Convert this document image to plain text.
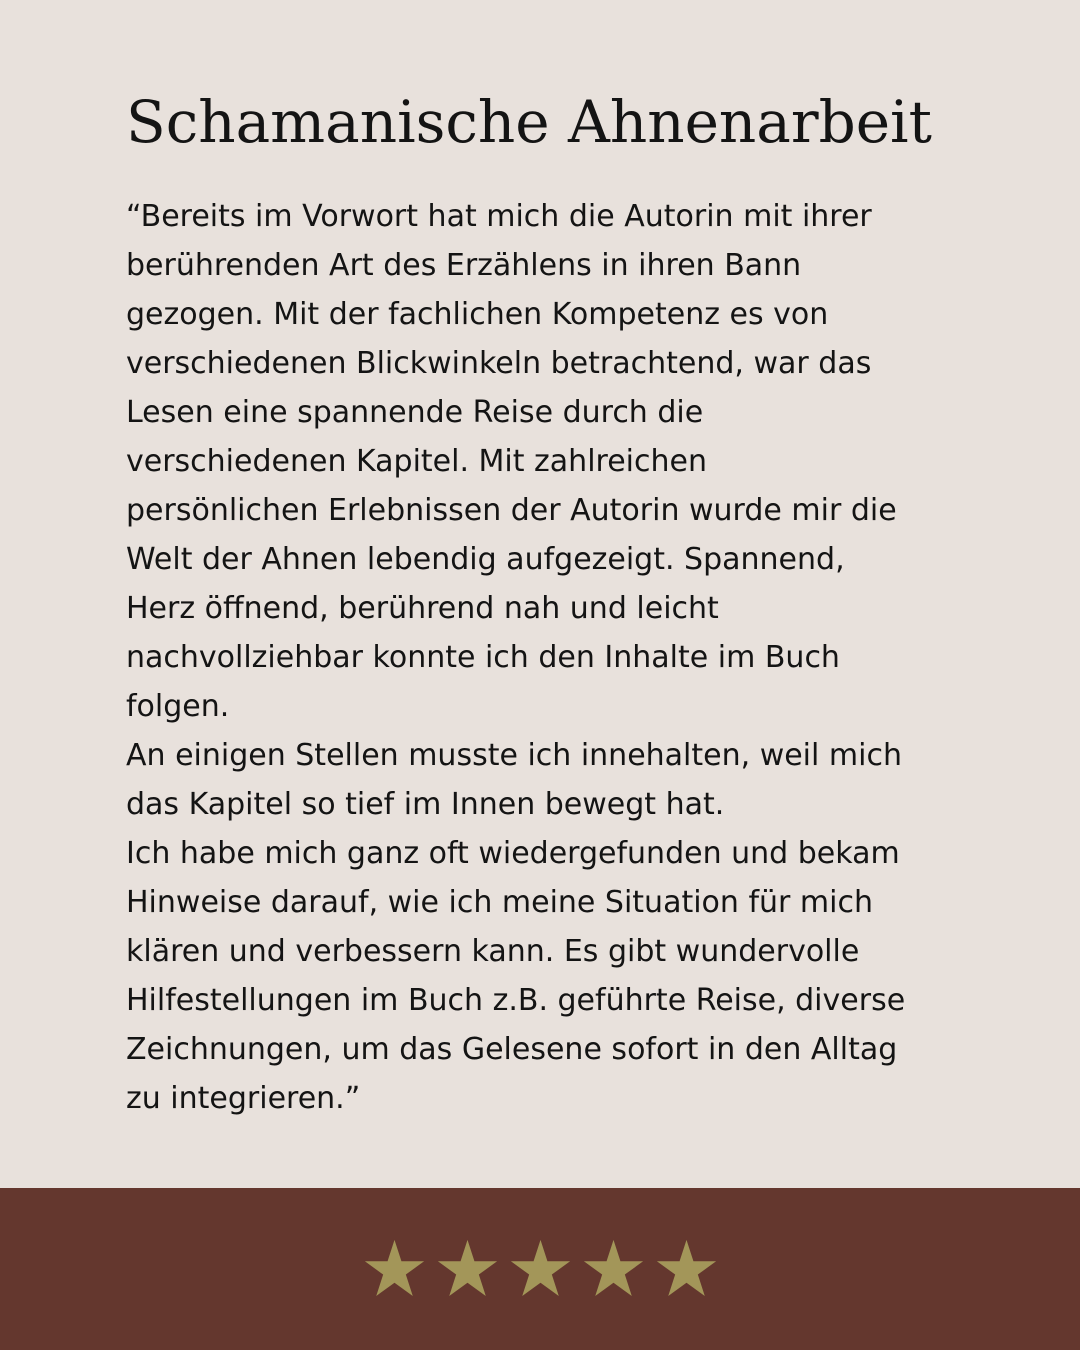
Schamanische Ahnenarbeit
“Bereits im Vorwort hat mich die Autorin mit ihrer
berührenden Art des Erzählens in ihren Bann
gezogen. Mit der fachlichen Kompetenz es von
verschiedenen Blickwinkeln betrachtend, war das
Lesen eine spannende Reise durch die
verschiedenen Kapitel. Mit zahlreichen
persönlichen Erlebnissen der Autorin wurde mir die
Welt der Ahnen lebendig aufgezeigt. Spannend,
Herz öffnend, berührend nah und leicht
nachvollziehbar konnte ich den Inhalte im Buch
folgen.
An einigen Stellen musste ich innehalten, weil mich
das Kapitel so tief im Innen bewegt hat.
Ich habe mich ganz oft wiedergefunden und bekam
Hinweise darauf, wie ich meine Situation für mich
klären und verbessern kann. Es gibt wundervolle
Hilfestellungen im Buch z.B. geführte Reise, diverse
Zeichnungen, um das Gelesene sofort in den Alltag
zu integrieren.”
